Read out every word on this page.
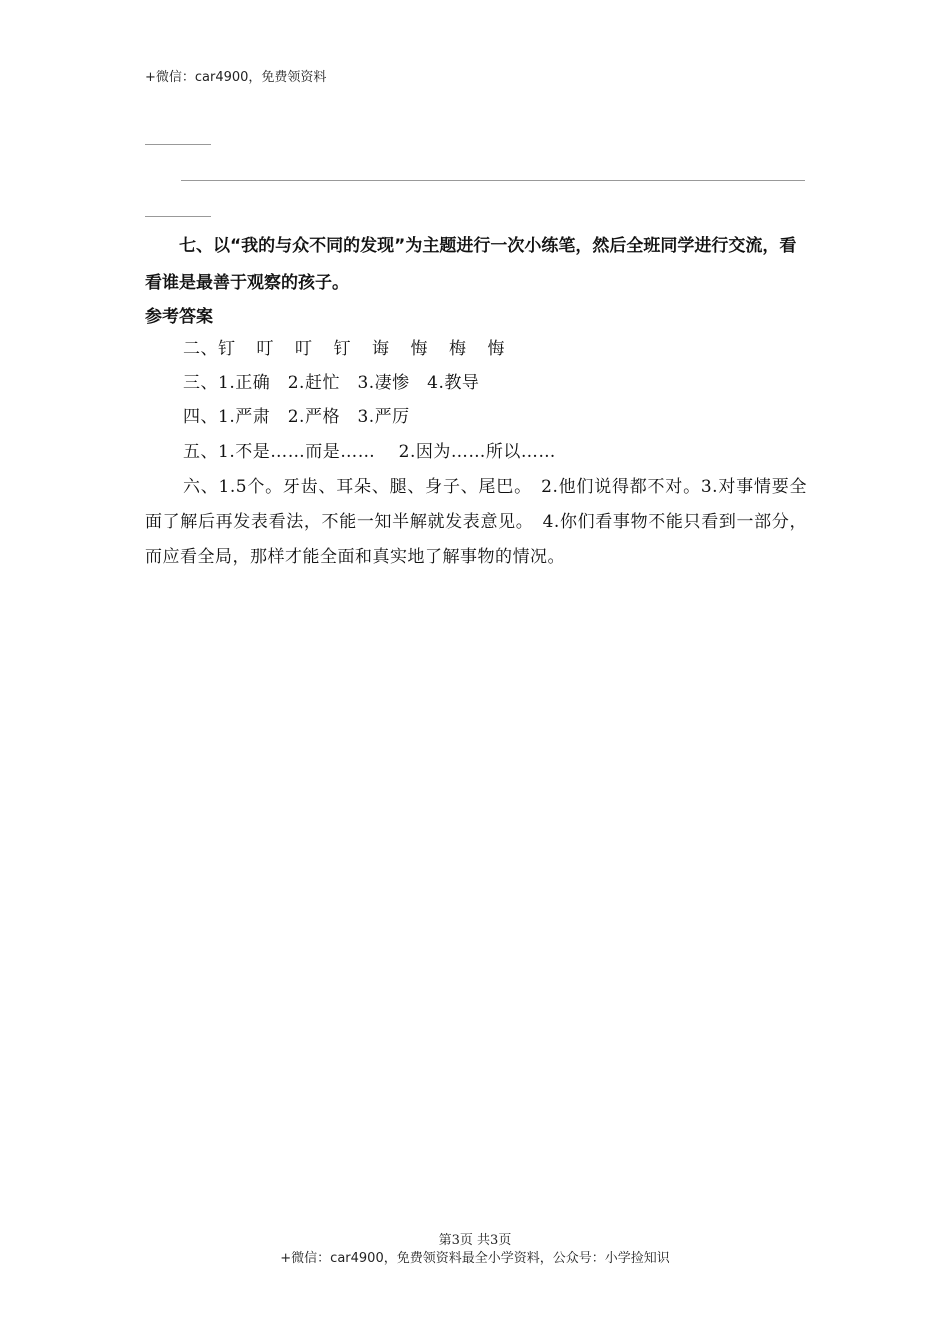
+微信：car4900，免费领资料
七、以“我的与众不同的发现”为主题进行一次小练笔，然后全班同学进行交流，看看谁是最善于观察的孩子。
参考答案
二、钉 叮 叮 钉 诲 悔 梅 悔
三、1.正确　2.赶忙　3.凄惨　4.教导
四、1.严肃　2.严格　3.严厉
五、1.不是……而是……　 2.因为……所以……
六、1.5个。牙齿、耳朵、腿、身子、尾巴。　2.他们说得都不对。3.对事情要全面了解后再发表看法，不能一知半解就发表意见。　4.你们看事物不能只看到一部分，而应看全局，那样才能全面和真实地了解事物的情况。
第3页 共3页
+微信：car4900，免费领资料最全小学资料，公众号：小学捡知识
